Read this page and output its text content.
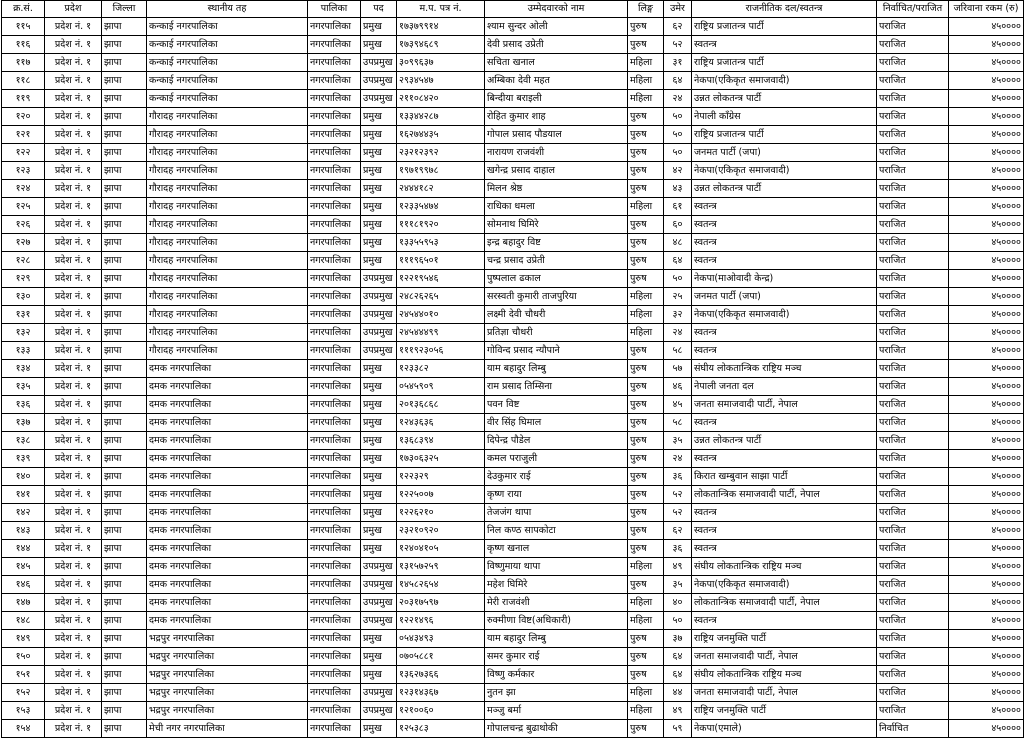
क्र.सं.	प्रदेश	जिल्ला	स्थानीय तह	पालिका	पद	म.प. पत्र नं.	उम्मेदवारको नाम	लिङ्ग	उमेर	राजनीतिक दल/स्वतन्त्र	निर्वाचित/पराजित	जरिवाना रकम (रु)
११५	प्रदेश नं. १	झापा	कन्काई नगरपालिका	नगरपालिका	प्रमुख	१७३७९९१४	श्याम सुन्दर ओली	पुरुष	६२	राष्ट्रिय प्रजातन्त्र पार्टी	पराजित	४५००००
११६	प्रदेश नं. १	झापा	कन्काई नगरपालिका	नगरपालिका	प्रमुख	१७३९४६८९	देवी प्रसाद उप्रेती	पुरुष	५२	स्वतन्त्र	पराजित	४५००००
११७	प्रदेश नं. १	झापा	कन्काई नगरपालिका	नगरपालिका	उपप्रमुख	३०९९६३७	सचिता खनाल	महिला	३१	राष्ट्रिय प्रजातन्त्र पार्टी	पराजित	४५००००
११८	प्रदेश नं. १	झापा	कन्काई नगरपालिका	नगरपालिका	उपप्रमुख	२९३४५४७	अम्बिका देवी महत	महिला	६४	नेकपा(एकिकृत समाजवादी)	पराजित	४५००००
११९	प्रदेश नं. १	झापा	कन्काई नगरपालिका	नगरपालिका	उपप्रमुख	२११०८४२०	बिन्दीया बराइली	महिला	२४	उन्नत लोकतन्त्र पार्टी	पराजित	४५००००
१२०	प्रदेश नं. १	झापा	गौरादह नगरपालिका	नगरपालिका	प्रमुख	१३३४४२८७	रोहित कुमार शाह	पुरुष	५०	नेपाली काँग्रेस	पराजित	४५००००
१२१	प्रदेश नं. १	झापा	गौरादह नगरपालिका	नगरपालिका	प्रमुख	१६२७४४३५	गोपाल प्रसाद पौडयाल	पुरुष	५०	राष्ट्रिय प्रजातन्त्र पार्टी	पराजित	४५००००
१२२	प्रदेश नं. १	झापा	गौरादह नगरपालिका	नगरपालिका	प्रमुख	२३२१२३९२	नारायण राजवंशी	पुरुष	५०	जनमत पार्टी (जपा)	पराजित	४५००००
१२३	प्रदेश नं. १	झापा	गौरादह नगरपालिका	नगरपालिका	प्रमुख	१९७१९९७८	खगेन्द्र प्रसाद दाहाल	पुरुष	४२	नेकपा(एकिकृत समाजवादी)	पराजित	४५००००
१२४	प्रदेश नं. १	झापा	गौरादह नगरपालिका	नगरपालिका	प्रमुख	२४४४१८२	मिलन श्रेष्ठ	पुरुष	४३	उन्नत लोकतन्त्र पार्टी	पराजित	४५००००
१२५	प्रदेश नं. १	झापा	गौरादह नगरपालिका	नगरपालिका	प्रमुख	१२३३५४७४	राधिका धमला	महिला	६१	स्वतन्त्र	पराजित	४५००००
१२६	प्रदेश नं. १	झापा	गौरादह नगरपालिका	नगरपालिका	प्रमुख	१११८१९२०	सोमनाथ घिमिरे	पुरुष	६०	स्वतन्त्र	पराजित	४५००००
१२७	प्रदेश नं. १	झापा	गौरादह नगरपालिका	नगरपालिका	प्रमुख	१३३५५९५३	इन्द्र बहादुर विष्ट	पुरुष	४८	स्वतन्त्र	पराजित	४५००००
१२८	प्रदेश नं. १	झापा	गौरादह नगरपालिका	नगरपालिका	प्रमुख	१११९६५०१	चन्द्र प्रसाद उप्रेती	पुरुष	६४	स्वतन्त्र	पराजित	४५००००
१२९	प्रदेश नं. १	झापा	गौरादह नगरपालिका	नगरपालिका	उपप्रमुख	१२२१९५४६	पुष्पलाल ढकाल	पुरुष	५०	नेकपा(माओवादी केन्द्र)	पराजित	४५००००
१३०	प्रदेश नं. १	झापा	गौरादह नगरपालिका	नगरपालिका	उपप्रमुख	२४८२६२६५	सरस्वती कुमारी ताजपुरिया	महिला	२५	जनमत पार्टी (जपा)	पराजित	४५००००
१३१	प्रदेश नं. १	झापा	गौरादह नगरपालिका	नगरपालिका	उपप्रमुख	२४५४४०१०	लक्ष्मी देवी चौधरी	महिला	३२	नेकपा(एकिकृत समाजवादी)	पराजित	४५००००
१३२	प्रदेश नं. १	झापा	गौरादह नगरपालिका	नगरपालिका	उपप्रमुख	२४५४४४९९	प्रतिज्ञा चौधरी	महिला	२४	स्वतन्त्र	पराजित	४५००००
१३३	प्रदेश नं. १	झापा	गौरादह नगरपालिका	नगरपालिका	उपप्रमुख	१११९२३०५६	गोविन्द प्रसाद न्यौपाने	पुरुष	५८	स्वतन्त्र	पराजित	४५००००
१३४	प्रदेश नं. १	झापा	दमक नगरपालिका	नगरपालिका	प्रमुख	१२३३८२	याम बहादुर लिम्बु	पुरुष	५७	संघीय लोकतान्त्रिक राष्ट्रिय मञ्च	पराजित	४५००००
१३५	प्रदेश नं. १	झापा	दमक नगरपालिका	नगरपालिका	प्रमुख	०५४५९०९	राम प्रसाद तिम्सिना	पुरुष	४६	नेपाली जनता दल	पराजित	४५००००
१३६	प्रदेश नं. १	झापा	दमक नगरपालिका	नगरपालिका	प्रमुख	२०१३६८६८	पवन विष्ट	पुरुष	४५	जनता समाजवादी पार्टी, नेपाल	पराजित	४५००००
१३७	प्रदेश नं. १	झापा	दमक नगरपालिका	नगरपालिका	प्रमुख	१२४३६३६	वीर सिंह घिमाल	पुरुष	५८	स्वतन्त्र	पराजित	४५००००
१३८	प्रदेश नं. १	झापा	दमक नगरपालिका	नगरपालिका	प्रमुख	१३६८३९४	दिपेन्द्र पौडेल	पुरुष	३५	उन्नत लोकतन्त्र पार्टी	पराजित	४५००००
१३९	प्रदेश नं. १	झापा	दमक नगरपालिका	नगरपालिका	प्रमुख	१७३०६३२५	कमल पराजुली	पुरुष	२४	स्वतन्त्र	पराजित	४५००००
१४०	प्रदेश नं. १	झापा	दमक नगरपालिका	नगरपालिका	प्रमुख	१२२३२९	देउकुमार राई	पुरुष	३६	किरात खम्बुवान साझा पार्टी	पराजित	४५००००
१४१	प्रदेश नं. १	झापा	दमक नगरपालिका	नगरपालिका	प्रमुख	१२२५००७	कृष्ण राया	पुरुष	५२	लोकतान्त्रिक समाजवादी पार्टी, नेपाल	पराजित	४५००००
१४२	प्रदेश नं. १	झापा	दमक नगरपालिका	नगरपालिका	प्रमुख	१२२६२१०	तेजजंग थापा	पुरुष	५२	स्वतन्त्र	पराजित	४५००००
१४३	प्रदेश नं. १	झापा	दमक नगरपालिका	नगरपालिका	प्रमुख	२३२१०९२०	निल कण्ठ सापकोटा	पुरुष	६२	स्वतन्त्र	पराजित	४५००००
१४४	प्रदेश नं. १	झापा	दमक नगरपालिका	नगरपालिका	प्रमुख	१२४०४१०५	कृष्ण खनाल	पुरुष	३६	स्वतन्त्र	पराजित	४५००००
१४५	प्रदेश नं. १	झापा	दमक नगरपालिका	नगरपालिका	उपप्रमुख	१३१५७२५९	विष्णुमाया थापा	महिला	४९	संघीय लोकतान्त्रिक राष्ट्रिय मञ्च	पराजित	४५००००
१४६	प्रदेश नं. १	झापा	दमक नगरपालिका	नगरपालिका	उपप्रमुख	१४५८२६५४	महेश घिमिरे	पुरुष	३५	नेकपा(एकिकृत समाजवादी)	पराजित	४५००००
१४७	प्रदेश नं. १	झापा	दमक नगरपालिका	नगरपालिका	उपप्रमुख	२०३१७५९७	मेरी राजवंशी	महिला	४०	लोकतान्त्रिक समाजवादी पार्टी, नेपाल	पराजित	४५००००
१४८	प्रदेश नं. १	झापा	दमक नगरपालिका	नगरपालिका	उपप्रमुख	१२२१४९६	रुक्मीणा विष्ट(अधिकारी)	महिला	५०	स्वतन्त्र	पराजित	४५००००
१४९	प्रदेश नं. १	झापा	भद्रपुर नगरपालिका	नगरपालिका	प्रमुख	०५४३४९३	याम बहादुर लिम्बु	पुरुष	३७	राष्ट्रिय जनमुक्ति पार्टी	पराजित	४५००००
१५०	प्रदेश नं. १	झापा	भद्रपुर नगरपालिका	नगरपालिका	प्रमुख	०७०५८८१	समर कुमार राई	पुरुष	६४	जनता समाजवादी पार्टी, नेपाल	पराजित	४५००००
१५१	प्रदेश नं. १	झापा	भद्रपुर नगरपालिका	नगरपालिका	प्रमुख	१३६२७३६६	विष्णु कर्मकार	पुरुष	६४	संघीय लोकतान्त्रिक राष्ट्रिय मञ्च	पराजित	४५००००
१५२	प्रदेश नं. १	झापा	भद्रपुर नगरपालिका	नगरपालिका	उपप्रमुख	१२३१४३६७	नुतन झा	महिला	४४	जनता समाजवादी पार्टी, नेपाल	पराजित	४५००००
१५३	प्रदेश नं. १	झापा	भद्रपुर नगरपालिका	नगरपालिका	उपप्रमुख	१२१००६०	मञ्जु बर्मा	महिला	४९	राष्ट्रिय जनमुक्ति पार्टी	पराजित	४५००००
१५४	प्रदेश नं. १	झापा	मेची नगर नगरपालिका	नगरपालिका	प्रमुख	१२५३८३	गोपालचन्द्र बुढाथोकी	पुरुष	५९	नेकपा(एमाले)	निर्वाचित	४५००००
